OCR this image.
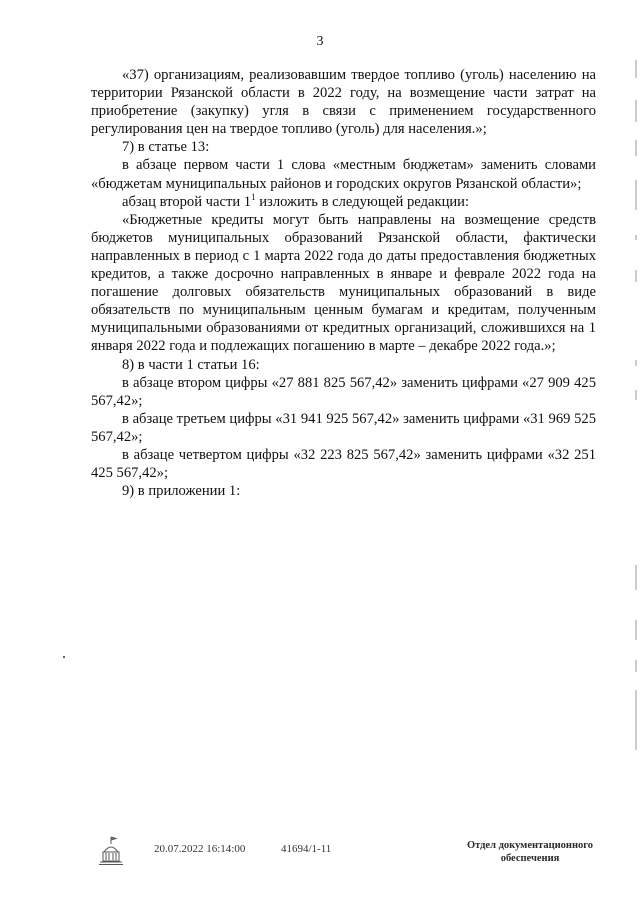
3

«37) организациям, реализовавшим твердое топливо (уголь) населению на территории Рязанской области в 2022 году, на возмещение части затрат на приобретение (закупку) угля в связи с применением государственного регулирования цен на твердое топливо (уголь) для населения.»;

7) в статье 13:

в абзаце первом части 1 слова «местным бюджетам» заменить словами «бюджетам муниципальных районов и городских округов Рязанской области»;

абзац второй части $1^1$ изложить в следующей редакции:

«Бюджетные кредиты могут быть направлены на возмещение средств бюджетов муниципальных образований Рязанской области, фактически направленных в период с 1 марта 2022 года до даты предоставления бюджетных кредитов, а также досрочно направленных в январе и феврале 2022 года на погашение долговых обязательств муниципальных образований в виде обязательств по муниципальным ценным бумагам и кредитам, полученным муниципальными образованиями от кредитных организаций, сложившихся на 1 января 2022 года и подлежащих погашению в марте – декабре 2022 года.»;

8) в части 1 статьи 16:

в абзаце втором цифры «27 881 825 567,42» заменить цифрами «27 909 425 567,42»;

в абзаце третьем цифры «31 941 925 567,42» заменить цифрами «31 969 525 567,42»;

в абзаце четвертом цифры «32 223 825 567,42» заменить цифрами «32 251 425 567,42»;

9) в приложении 1:

20.07.2022 16:14:00	41694/1-11	Отдел документационного
обеспечения
